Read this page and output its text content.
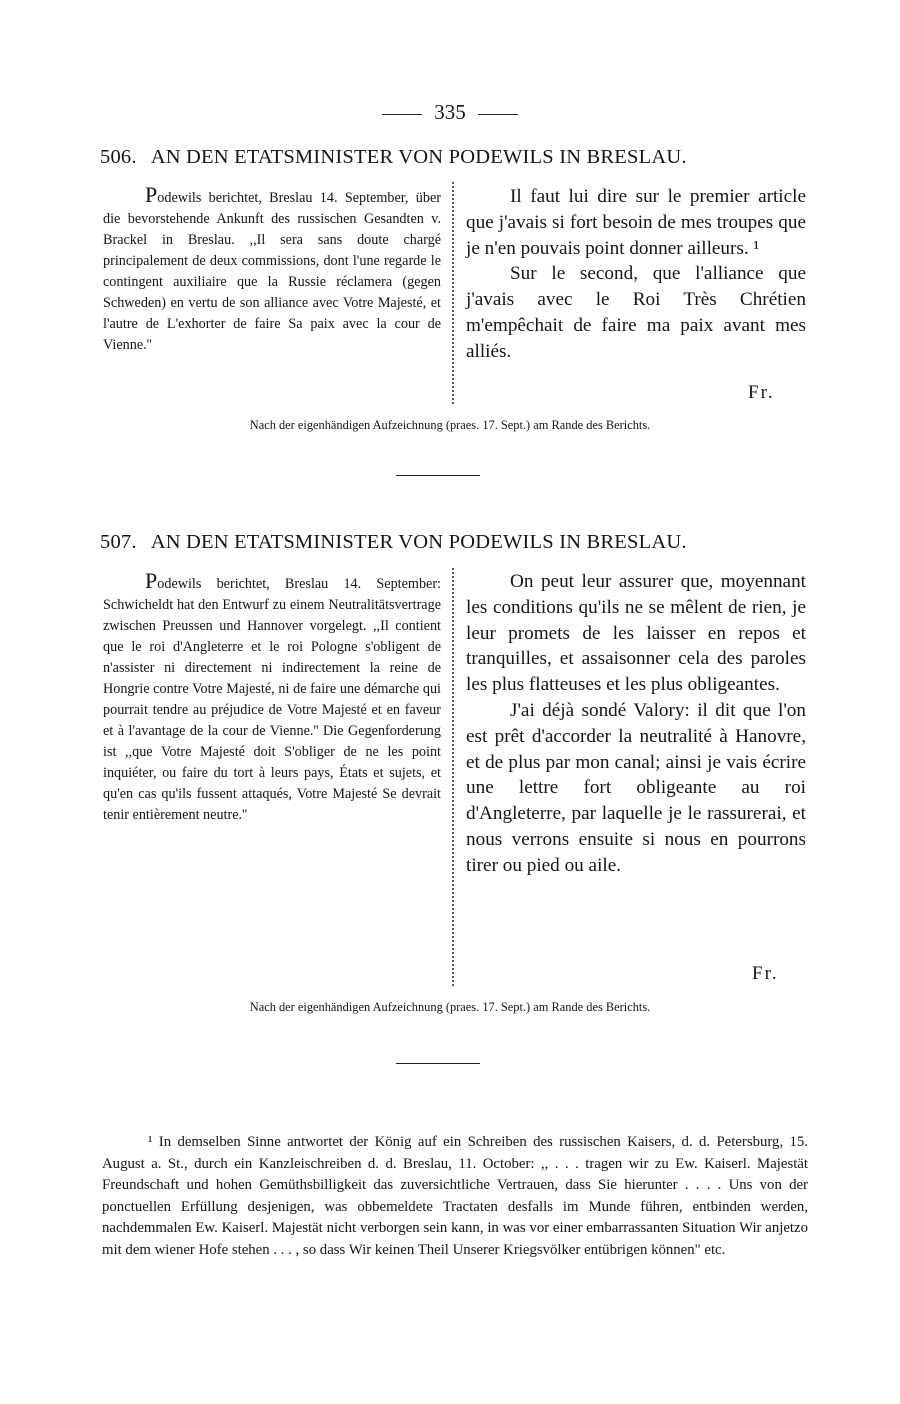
335
506. AN DEN ETATSMINISTER VON PODEWILS IN BRESLAU.

Podewils berichtet, Breslau 14. September, über die bevorstehende Ankunft des russischen Gesandten v. Brackel in Breslau. ,,Il sera sans doute chargé principalement de deux commissions, dont l'une regarde le contingent auxiliaire que la Russie réclamera (gegen Schweden) en vertu de son alliance avec Votre Majesté, et l'autre de L'exhorter de faire Sa paix avec la cour de Vienne.''

Il faut lui dire sur le premier article que j'avais si fort besoin de mes troupes que je n'en pouvais point donner ailleurs. ¹

Sur le second, que l'alliance que j'avais avec le Roi Très Chrétien m'empêchait de faire ma paix avant mes alliés.

Fr.
Nach der eigenhändigen Aufzeichnung (praes. 17. Sept.) am Rande des Berichts.
507. AN DEN ETATSMINISTER VON PODEWILS IN BRESLAU.

Podewils berichtet, Breslau 14. September: Schwicheldt hat den Entwurf zu einem Neutralitätsvertrage zwischen Preussen und Hannover vorgelegt. ,,Il contient que le roi d'Angleterre et le roi Pologne s'obligent de n'assister ni directement ni indirectement la reine de Hongrie contre Votre Majesté, ni de faire une démarche qui pourrait tendre au préjudice de Votre Majesté et en faveur et à l'avantage de la cour de Vienne.'' Die Gegenforderung ist ,,que Votre Majesté doit S'obliger de ne les point inquiéter, ou faire du tort à leurs pays, États et sujets, et qu'en cas qu'ils fussent attaqués, Votre Majesté Se devrait tenir entièrement neutre.''

On peut leur assurer que, moyennant les conditions qu'ils ne se mêlent de rien, je leur promets de les laisser en repos et tranquilles, et assaisonner cela des paroles les plus flatteuses et les plus obligeantes.

J'ai déjà sondé Valory: il dit que l'on est prêt d'accorder la neutralité à Hanovre, et de plus par mon canal; ainsi je vais écrire une lettre fort obligeante au roi d'Angleterre, par laquelle je le rassurerai, et nous verrons ensuite si nous en pourrons tirer ou pied ou aile.

Fr.
Nach der eigenhändigen Aufzeichnung (praes. 17. Sept.) am Rande des Berichts.

¹ In demselben Sinne antwortet der König auf ein Schreiben des russischen Kaisers, d. d. Petersburg, 15. August a. St., durch ein Kanzleischreiben d. d. Breslau, 11. October: ,, . . . tragen wir zu Ew. Kaiserl. Majestät Freundschaft und hohen Gemüthsbilligkeit das zuversichtliche Vertrauen, dass Sie hierunter . . . . Uns von der ponctuellen Erfüllung desjenigen, was obbemeldete Tractaten desfalls im Munde führen, entbinden werden, nachdemmalen Ew. Kaiserl. Majestät nicht verborgen sein kann, in was vor einer embarrassanten Situation Wir anjetzo mit dem wiener Hofe stehen . . . , so dass Wir keinen Theil Unserer Kriegsvölker entübrigen können" etc.
